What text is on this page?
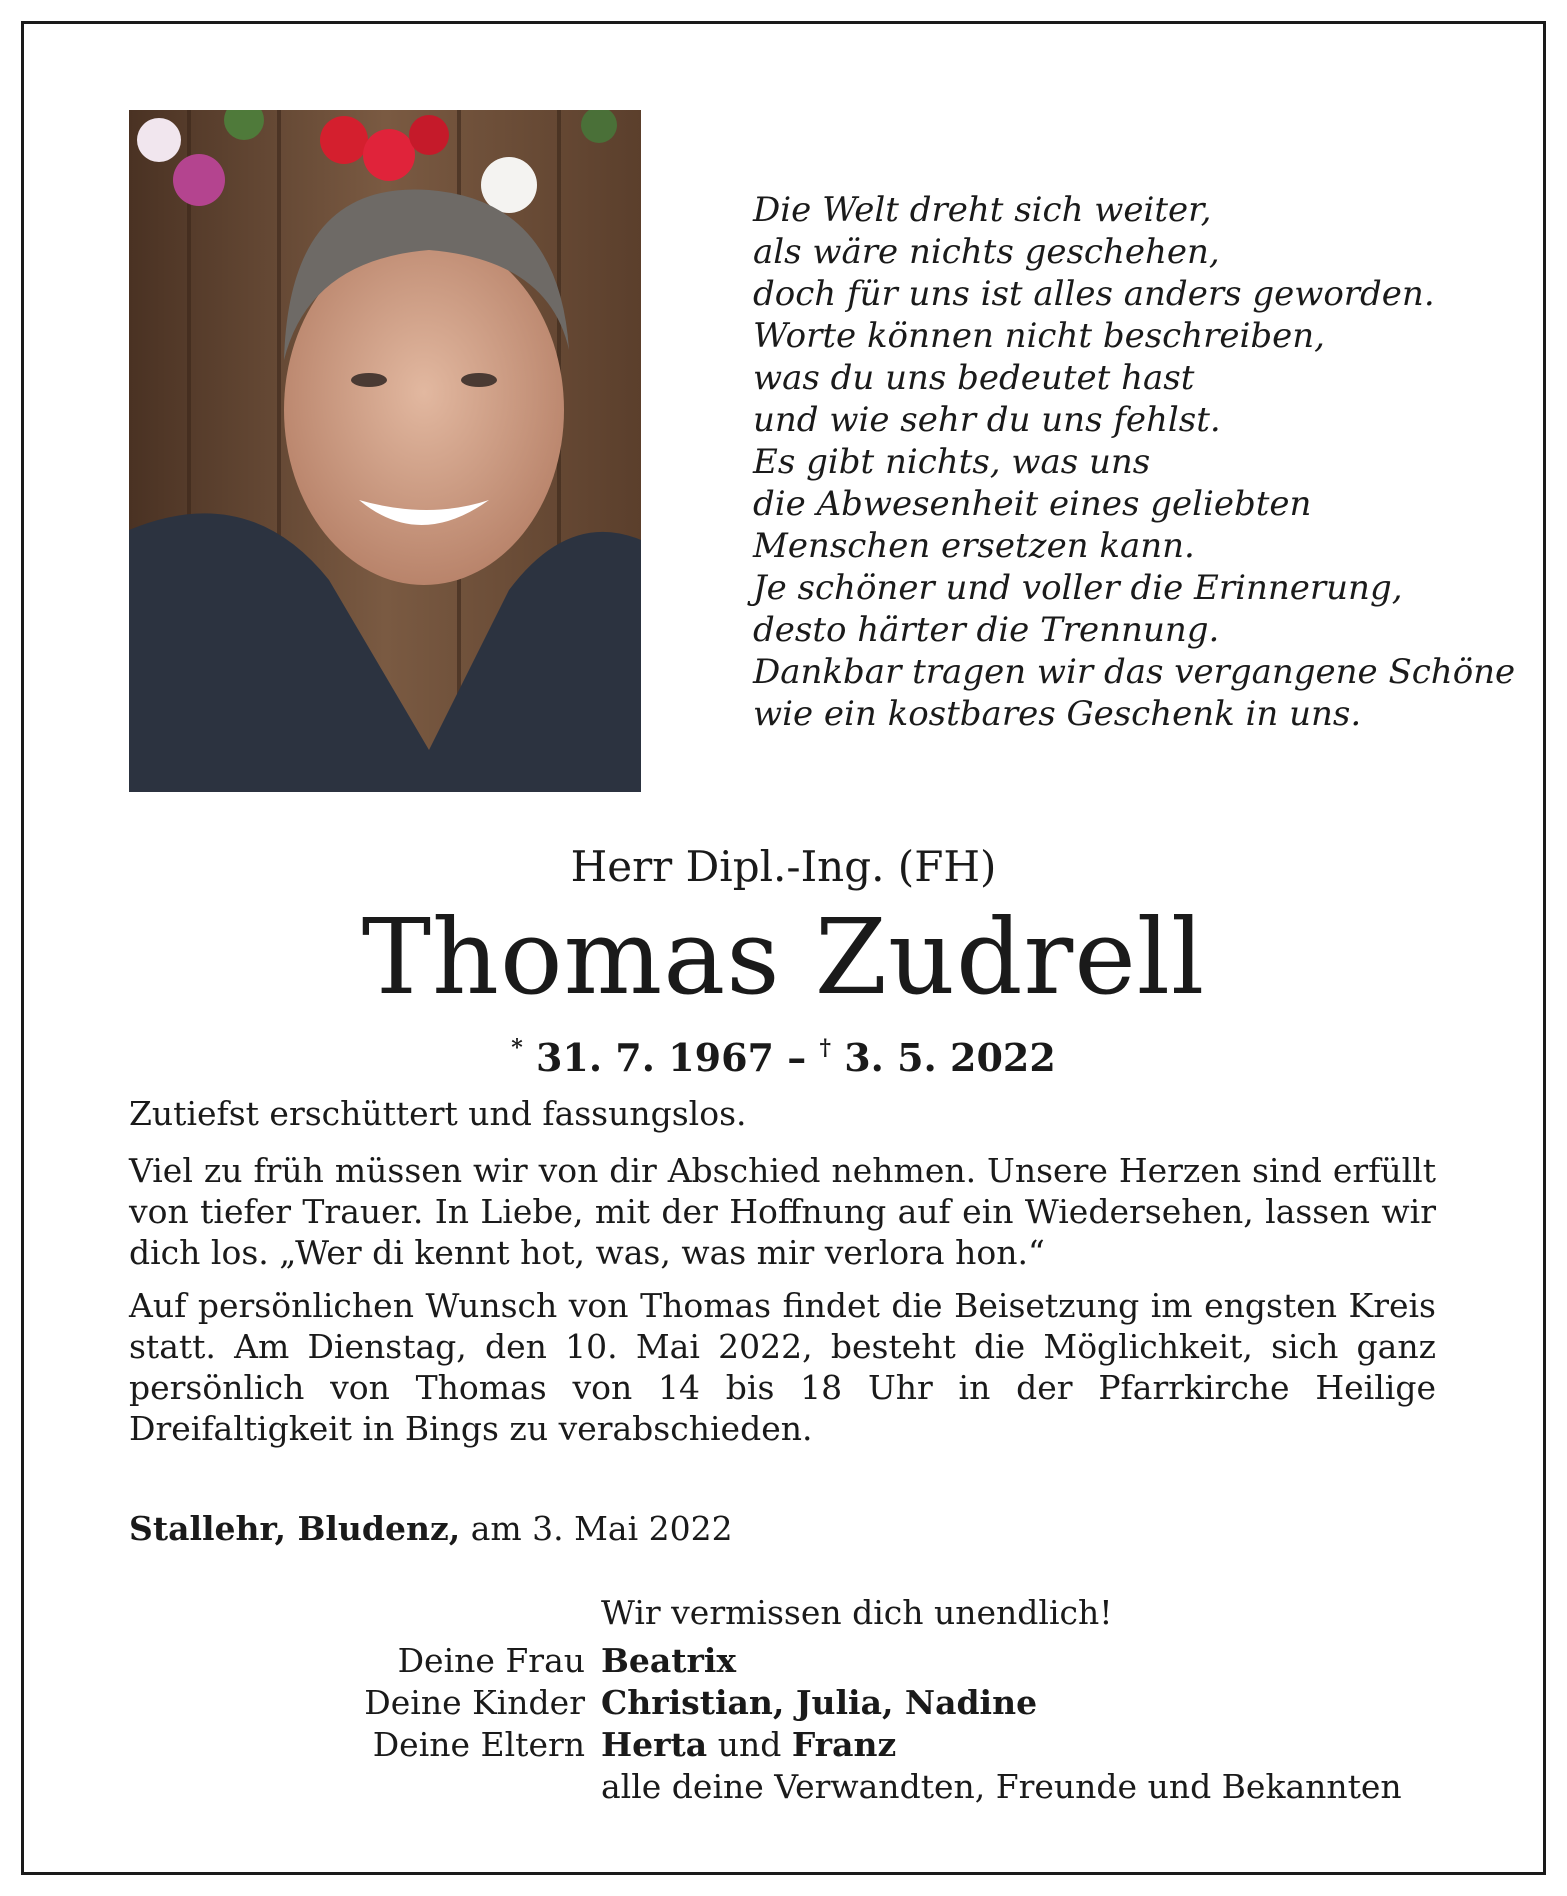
Die Welt dreht sich weiter,
als wäre nichts geschehen,
doch für uns ist alles anders geworden.
Worte können nicht beschreiben,
was du uns bedeutet hast
und wie sehr du uns fehlst.
Es gibt nichts, was uns
die Abwesenheit eines geliebten
Menschen ersetzen kann.
Je schöner und voller die Erinnerung,
desto härter die Trennung.
Dankbar tragen wir das vergangene Schöne
wie ein kostbares Geschenk in uns.
Herr Dipl.-Ing. (FH)
Thomas Zudrell
* 31. 7. 1967 – † 3. 5. 2022

Zutiefst erschüttert und fassungslos.

Viel zu früh müssen wir von dir Abschied nehmen. Unsere Herzen sind erfüllt von tiefer Trauer. In Liebe, mit der Hoffnung auf ein Wiedersehen, lassen wir dich los. „Wer di kennt hot, was, was mir verlora hon.“

Auf persönlichen Wunsch von Thomas findet die Beisetzung im engsten Kreis statt. Am Dienstag, den 10. Mai 2022, besteht die Möglichkeit, sich ganz persönlich von Thomas von 14 bis 18 Uhr in der Pfarrkirche Heilige Dreifaltigkeit in Bings zu verabschieden.

Stallehr, Bludenz, am 3. Mai 2022
Wir vermissen dich unendlich!
Deine Frau Beatrix
Deine Kinder Christian, Julia, Nadine
Deine Eltern Herta und Franz
alle deine Verwandten, Freunde und Bekannten
